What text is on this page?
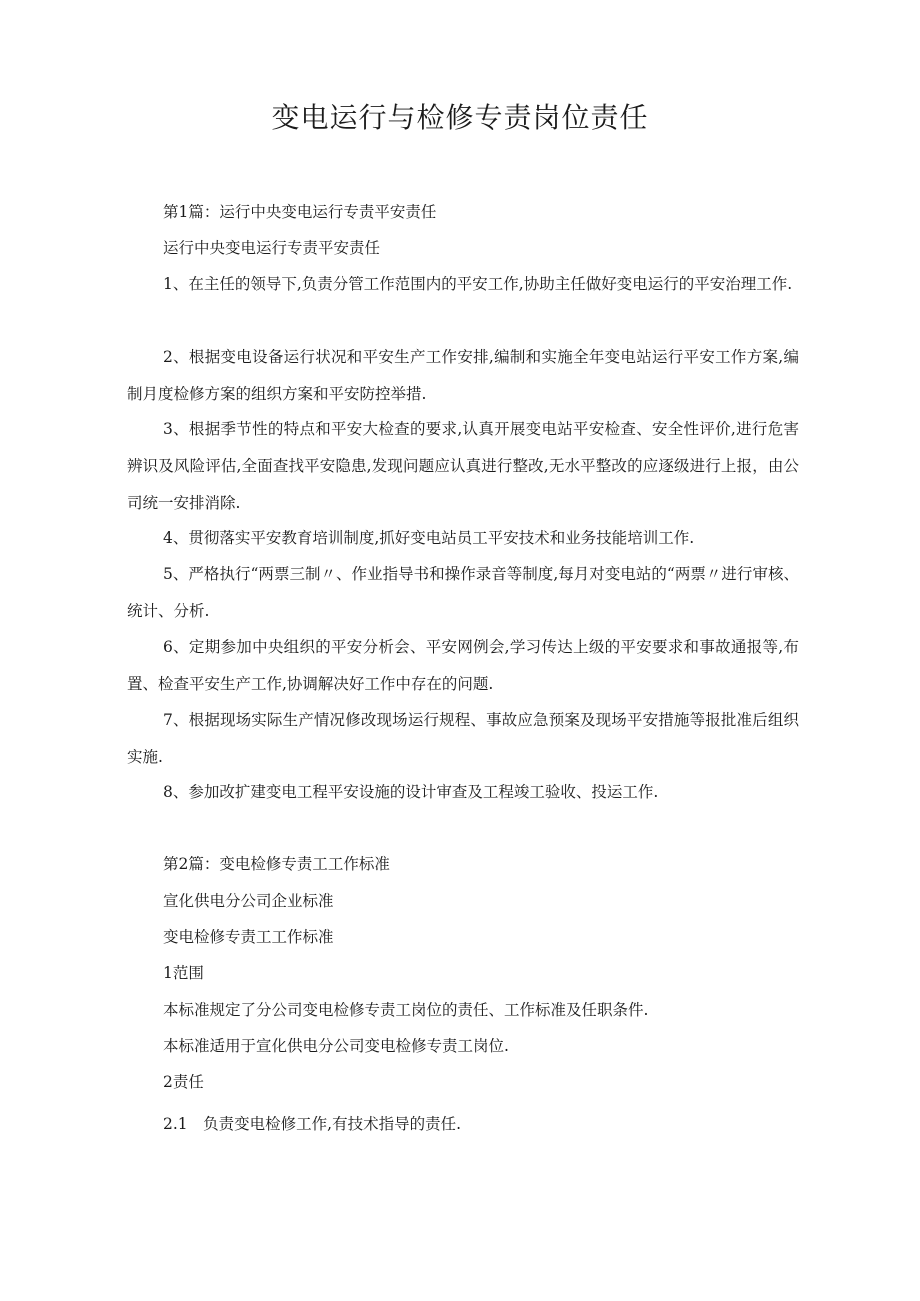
变电运行与检修专责岗位责任

第1篇：运行中央变电运行专责平安责任

运行中央变电运行专责平安责任

1、在主任的领导下,负责分管工作范围内的平安工作,协助主任做好变电运行的平安治理工作.

2、根据变电设备运行状况和平安生产工作安排,编制和实施全年变电站运行平安工作方案,编制月度检修方案的组织方案和平安防控举措.

3、根据季节性的特点和平安大检查的要求,认真开展变电站平安检查、安全性评价,进行危害辨识及风险评估,全面查找平安隐患,发现问题应认真进行整改,无水平整改的应逐级进行上报，由公司统一安排消除.

4、贯彻落实平安教育培训制度,抓好变电站员工平安技术和业务技能培训工作.

5、严格执行“两票三制〃、作业指导书和操作录音等制度,每月对变电站的“两票〃进行审核、统计、分析.

6、定期参加中央组织的平安分析会、平安网例会,学习传达上级的平安要求和事故通报等,布置、检查平安生产工作,协调解决好工作中存在的问题.

7、根据现场实际生产情况修改现场运行规程、事故应急预案及现场平安措施等报批准后组织实施.

8、参加改扩建变电工程平安设施的设计审查及工程竣工验收、投运工作.

第2篇：变电检修专责工工作标准

宣化供电分公司企业标准

变电检修专责工工作标准

1范围

本标准规定了分公司变电检修专责工岗位的责任、工作标准及任职条件.

本标准适用于宣化供电分公司变电检修专责工岗位.

2责任

2.1　负责变电检修工作,有技术指导的责任.
